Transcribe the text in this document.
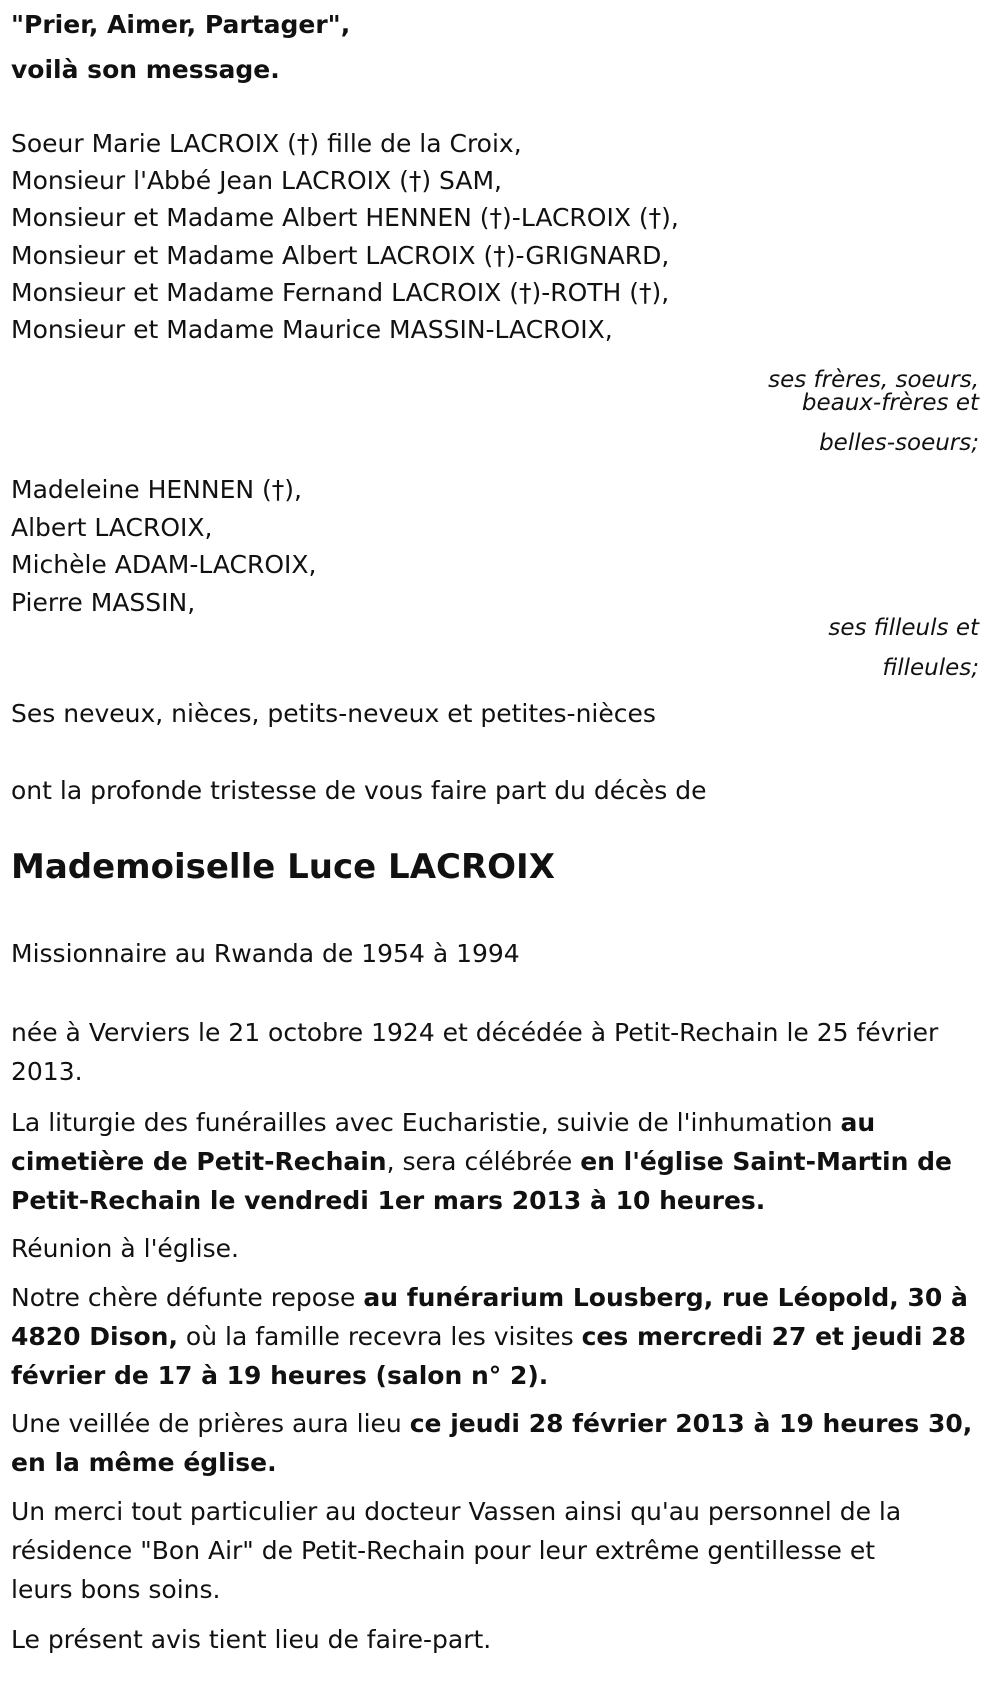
"Prier, Aimer, Partager",
voilà son message.
Soeur Marie LACROIX (†) fille de la Croix,
Monsieur l'Abbé Jean LACROIX (†) SAM,
Monsieur et Madame Albert HENNEN (†)-LACROIX (†),
Monsieur et Madame Albert LACROIX (†)-GRIGNARD,
Monsieur et Madame Fernand LACROIX (†)-ROTH (†),
Monsieur et Madame Maurice MASSIN-LACROIX,
ses frères, soeurs,
beaux-frères et
belles-soeurs;
Madeleine HENNEN (†),
Albert LACROIX,
Michèle ADAM-LACROIX,
Pierre MASSIN,
ses filleuls et
filleules;
Ses neveux, nièces, petits-neveux et petites-nièces
ont la profonde tristesse de vous faire part du décès de
Mademoiselle Luce LACROIX
Missionnaire au Rwanda de 1954 à 1994
née à Verviers le 21 octobre 1924 et décédée à Petit-Rechain le 25 février
2013.
La liturgie des funérailles avec Eucharistie, suivie de l'inhumation au
cimetière de Petit-Rechain, sera célébrée en l'église Saint-Martin de
Petit-Rechain le vendredi 1er mars 2013 à 10 heures.
Réunion à l'église.
Notre chère défunte repose au funérarium Lousberg, rue Léopold, 30 à
4820 Dison, où la famille recevra les visites ces mercredi 27 et jeudi 28
février de 17 à 19 heures (salon n° 2).
Une veillée de prières aura lieu ce jeudi 28 février 2013 à 19 heures 30,
en la même église.
Un merci tout particulier au docteur Vassen ainsi qu'au personnel de la
résidence "Bon Air" de Petit-Rechain pour leur extrême gentillesse et
leurs bons soins.
Le présent avis tient lieu de faire-part.
